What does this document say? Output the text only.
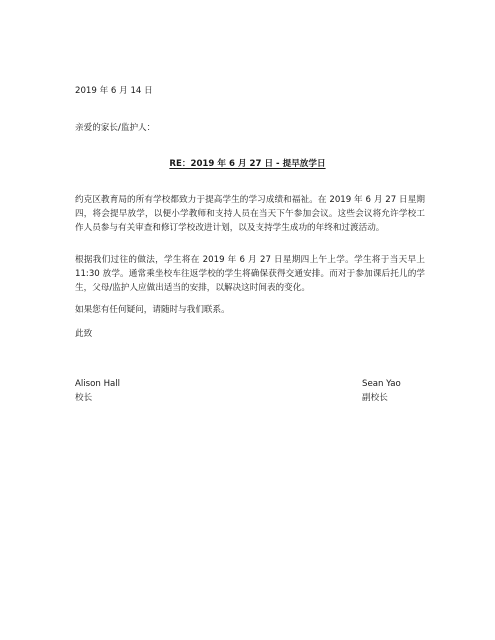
2019 年 6 月 14 日
亲爱的家长/监护人：
RE：2019 年 6 月 27 日 - 提早放学日
约克区教育局的所有学校都致力于提高学生的学习成绩和福祉。在 2019 年 6 月 27 日星期四，将会提早放学，以便小学教师和支持人员在当天下午参加会议。这些会议将允许学校工作人员参与有关审查和修订学校改进计划，以及支持学生成功的年终和过渡活动。
根据我们过往的做法，学生将在 2019 年 6 月 27 日星期四上午上学。学生将于当天早上 11:30 放学。通常乘坐校车往返学校的学生将确保获得交通安排。而对于参加课后托儿的学生，父母/监护人应做出适当的安排，以解决这时间表的变化。
如果您有任何疑问，请随时与我们联系。
此致
Alison Hall
校长
Sean Yao
副校长
